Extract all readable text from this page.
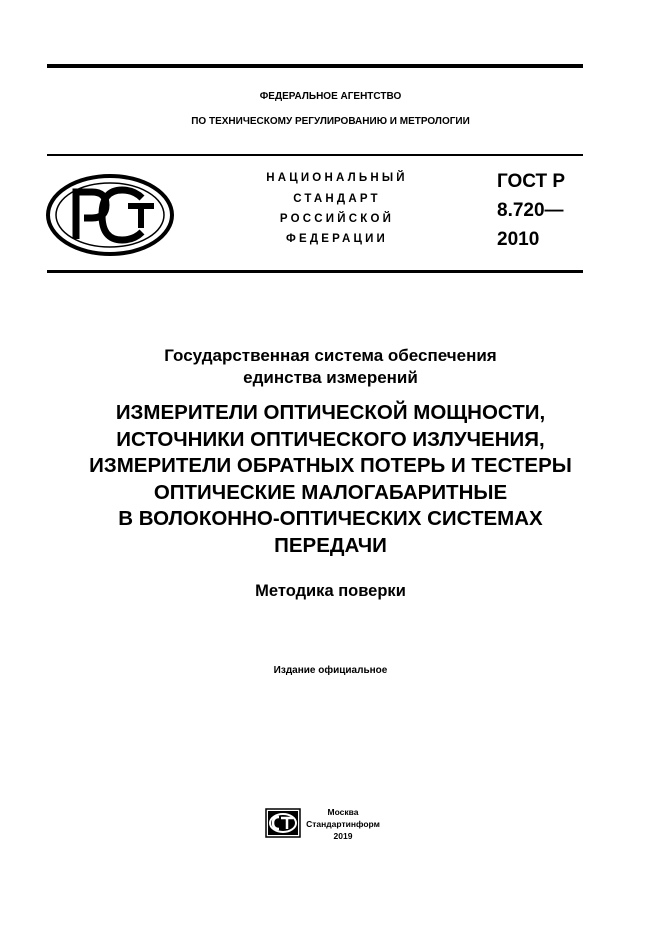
ФЕДЕРАЛЬНОЕ АГЕНТСТВО
ПО ТЕХНИЧЕСКОМУ РЕГУЛИРОВАНИЮ И МЕТРОЛОГИИ
НАЦИОНАЛЬНЫЙ
СТАНДАРТ
РОССИЙСКОЙ
ФЕДЕРАЦИИ
ГОСТ Р
8.720—
2010
Государственная система обеспечения
единства измерений
ИЗМЕРИТЕЛИ ОПТИЧЕСКОЙ МОЩНОСТИ,
ИСТОЧНИКИ ОПТИЧЕСКОГО ИЗЛУЧЕНИЯ,
ИЗМЕРИТЕЛИ ОБРАТНЫХ ПОТЕРЬ И ТЕСТЕРЫ
ОПТИЧЕСКИЕ МАЛОГАБАРИТНЫЕ
В ВОЛОКОННО-ОПТИЧЕСКИХ СИСТЕМАХ
ПЕРЕДАЧИ
Методика поверки
Издание официальное
Москва
Стандартинформ
2019
